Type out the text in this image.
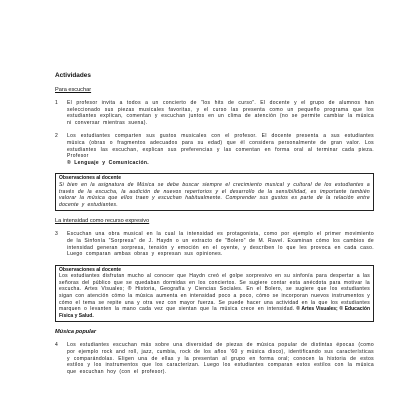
Actividades
Para escuchar
1	El profesor invita a todos a un concierto de “los hits de curso”. El docente y el grupo de alumnos han seleccionado sus piezas musicales favoritas, y el curso las presenta como un pequeño programa que los estudiantes explican, comentan y escuchan juntos en un clima de atención (no se permite cambiar la música ni conversar mientras suena).
2	Los estudiantes comparten sus gustos musicales con el profesor. El docente presenta a sus estudiantes música (obras o fragmentos adecuados para su edad) que él considera personalmente de gran valor. Los estudiantes las escuchan, explican sus preferencias y las comentan en forma oral al terminar cada pieza. Profesor
® Lenguaje y Comunicación.
Observaciones al docente
Si bien en la asignatura de Música se debe buscar siempre el crecimiento musical y cultural de los estudiantes a través de la escucha, la audición de nuevos repertorios y el desarrollo de la sensibilidad, es importante también valorar la música que ellos traen y escuchan habitualmente. Comprender sus gustos es parte de la relación entre docente y estudiantes.
La intensidad como recurso expresivo
3	Escuchan una obra musical en la cual la intensidad es protagonista, como por ejemplo el primer movimiento de la Sinfonía “Sorpresa” de J. Haydn o un extracto de “Bolero” de M. Ravel. Examinan cómo los cambios de intensidad generan sorpresa, tensión y emoción en el oyente, y describen lo que les provoca en cada caso. Luego comparan ambas obras y expresan sus opiniones.
Observaciones al docente
Los estudiantes disfrutan mucho al conocer que Haydn creó el golpe sorpresivo en su sinfonía para despertar a las señoras del público que se quedaban dormidas en los conciertos. Se sugiere contar esta anécdota para motivar la escucha. Artes Visuales; ® Historia, Geografía y Ciencias Sociales. En el Bolero, se sugiere que los estudiantes sigan con atención cómo la música aumenta en intensidad poco a poco, cómo se incorporan nuevos instrumentos y cómo el tema se repite una y otra vez con mayor fuerza. Se puede hacer una actividad en la que los estudiantes marquen o levanten la mano cada vez que sientan que la música crece en intensidad. ® Artes Visuales; ® Educación Física y Salud.
Música popular
4	Los estudiantes escuchan más sobre una diversidad de piezas de música popular de distintas épocas (como por ejemplo rock and roll, jazz, cumbia, rock de los años ‘60 y música disco), identificando sus características y comparándolas. Eligen una de ellas y la presentan al grupo en forma oral; conocen la historia de estos estilos y los instrumentos que los caracterizan. Luego los estudiantes comparan estos estilos con la música que escuchan hoy (con el profesor).
